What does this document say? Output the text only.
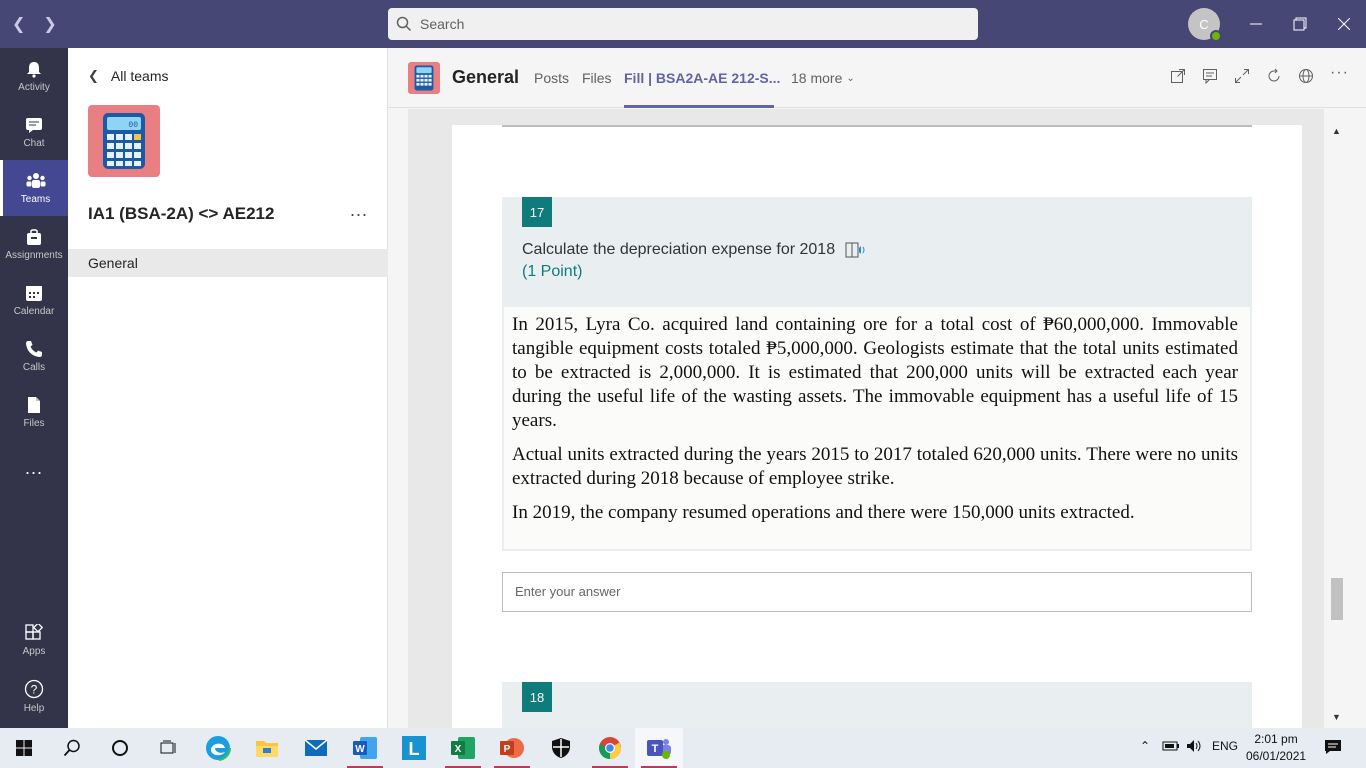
❮ ❯	Search	C
Activity
Chat
Teams
Assignments
Calendar
Calls
Files
...
Apps
?
Help
❮ All teams
00
IA1 (BSA-2A) <> AE212	...
General
General Posts Files Fill | BSA2A-AE 212-S... 18 more ⌄	···
17
Calculate the depreciation expense for 2018
(1 Point)

In 2015, Lyra Co. acquired land containing ore for a total cost of ₱60,000,000. Immovable tangible equipment costs totaled ₱5,000,000. Geologists estimate that the total units estimated to be extracted is 2,000,000. It is estimated that 200,000 units will be extracted each year during the useful life of the wasting assets. The immovable equipment has a useful life of 15 years.

Actual units extracted during the years 2015 to 2017 totaled 620,000 units. There were no units extracted during 2018 because of employee strike.

In 2019, the company resumed operations and there were 150,000 units extracted.

Enter your answer
18
▲
▼
W L	X	P	T	⌃	ENG	2:01 pm
06/01/2021
